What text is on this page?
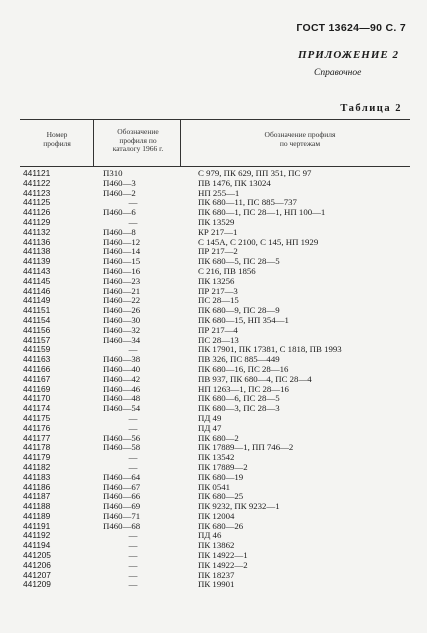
ГОСТ 13624—90 С. 7
ПРИЛОЖЕНИЕ 2
Справочное
Таблица 2
Номер
профиля
Обозначение
профиля по
каталогу 1966 г.
Обозначение профиля
по чертежам
441121	П310	С 979, ПК 629, ПП 351, ПС 97
441122	П460—3	ПВ 1476, ПК 13024
441123	П460—2	НП 255—1
441125	—	ПК 680—11, ПС 885—737
441126	П460—6	ПК 680—1, ПС 28—1, НП 100—1
441129	—	ПК 13529
441132	П460—8	КР 217—1
441136	П460—12	С 145А, С 2100, С 145, НП 1929
441138	П460—14	ПР 217—2
441139	П460—15	ПК 680—5, ПС 28—5
441143	П460—16	С 216, ПВ 1856
441145	П460—23	ПК 13256
441146	П460—21	ПР 217—3
441149	П460—22	ПС 28—15
441151	П460—26	ПК 680—9, ПС 28—9
441154	П460—30	ПК 680—15, НП 354—1
441156	П460—32	ПР 217—4
441157	П460—34	ПС 28—13
441159	—	ПК 17901, ПК 17381, С 1818, ПВ 1993
441163	П460—38	ПВ 326, ПС 885—449
441166	П460—40	ПК 680—16, ПС 28—16
441167	П460—42	ПВ 937, ПК 680—4, ПС 28—4
441169	П460—46	НП 1263—1, ПС 28—16
441170	П460—48	ПК 680—6, ПС 28—5
441174	П460—54	ПК 680—3, ПС 28—3
441175	—	ПД 49
441176	—	ПД 47
441177	П460—56	ПК 680—2
441178	П460—58	ПК 17889—1, ПП 746—2
441179	—	ПК 13542
441182	—	ПК 17889—2
441183	П460—64	ПК 680—19
441186	П460—67	ПК 0541
441187	П460—66	ПК 680—25
441188	П460—69	ПК 9232, ПК 9232—1
441189	П460—71	ПК 12004
441191	П460—68	ПК 680—26
441192	—	ПД 46
441194	—	ПК 13862
441205	—	ПК 14922—1
441206	—	ПК 14922—2
441207	—	ПК 18237
441209	—	ПК 19901
